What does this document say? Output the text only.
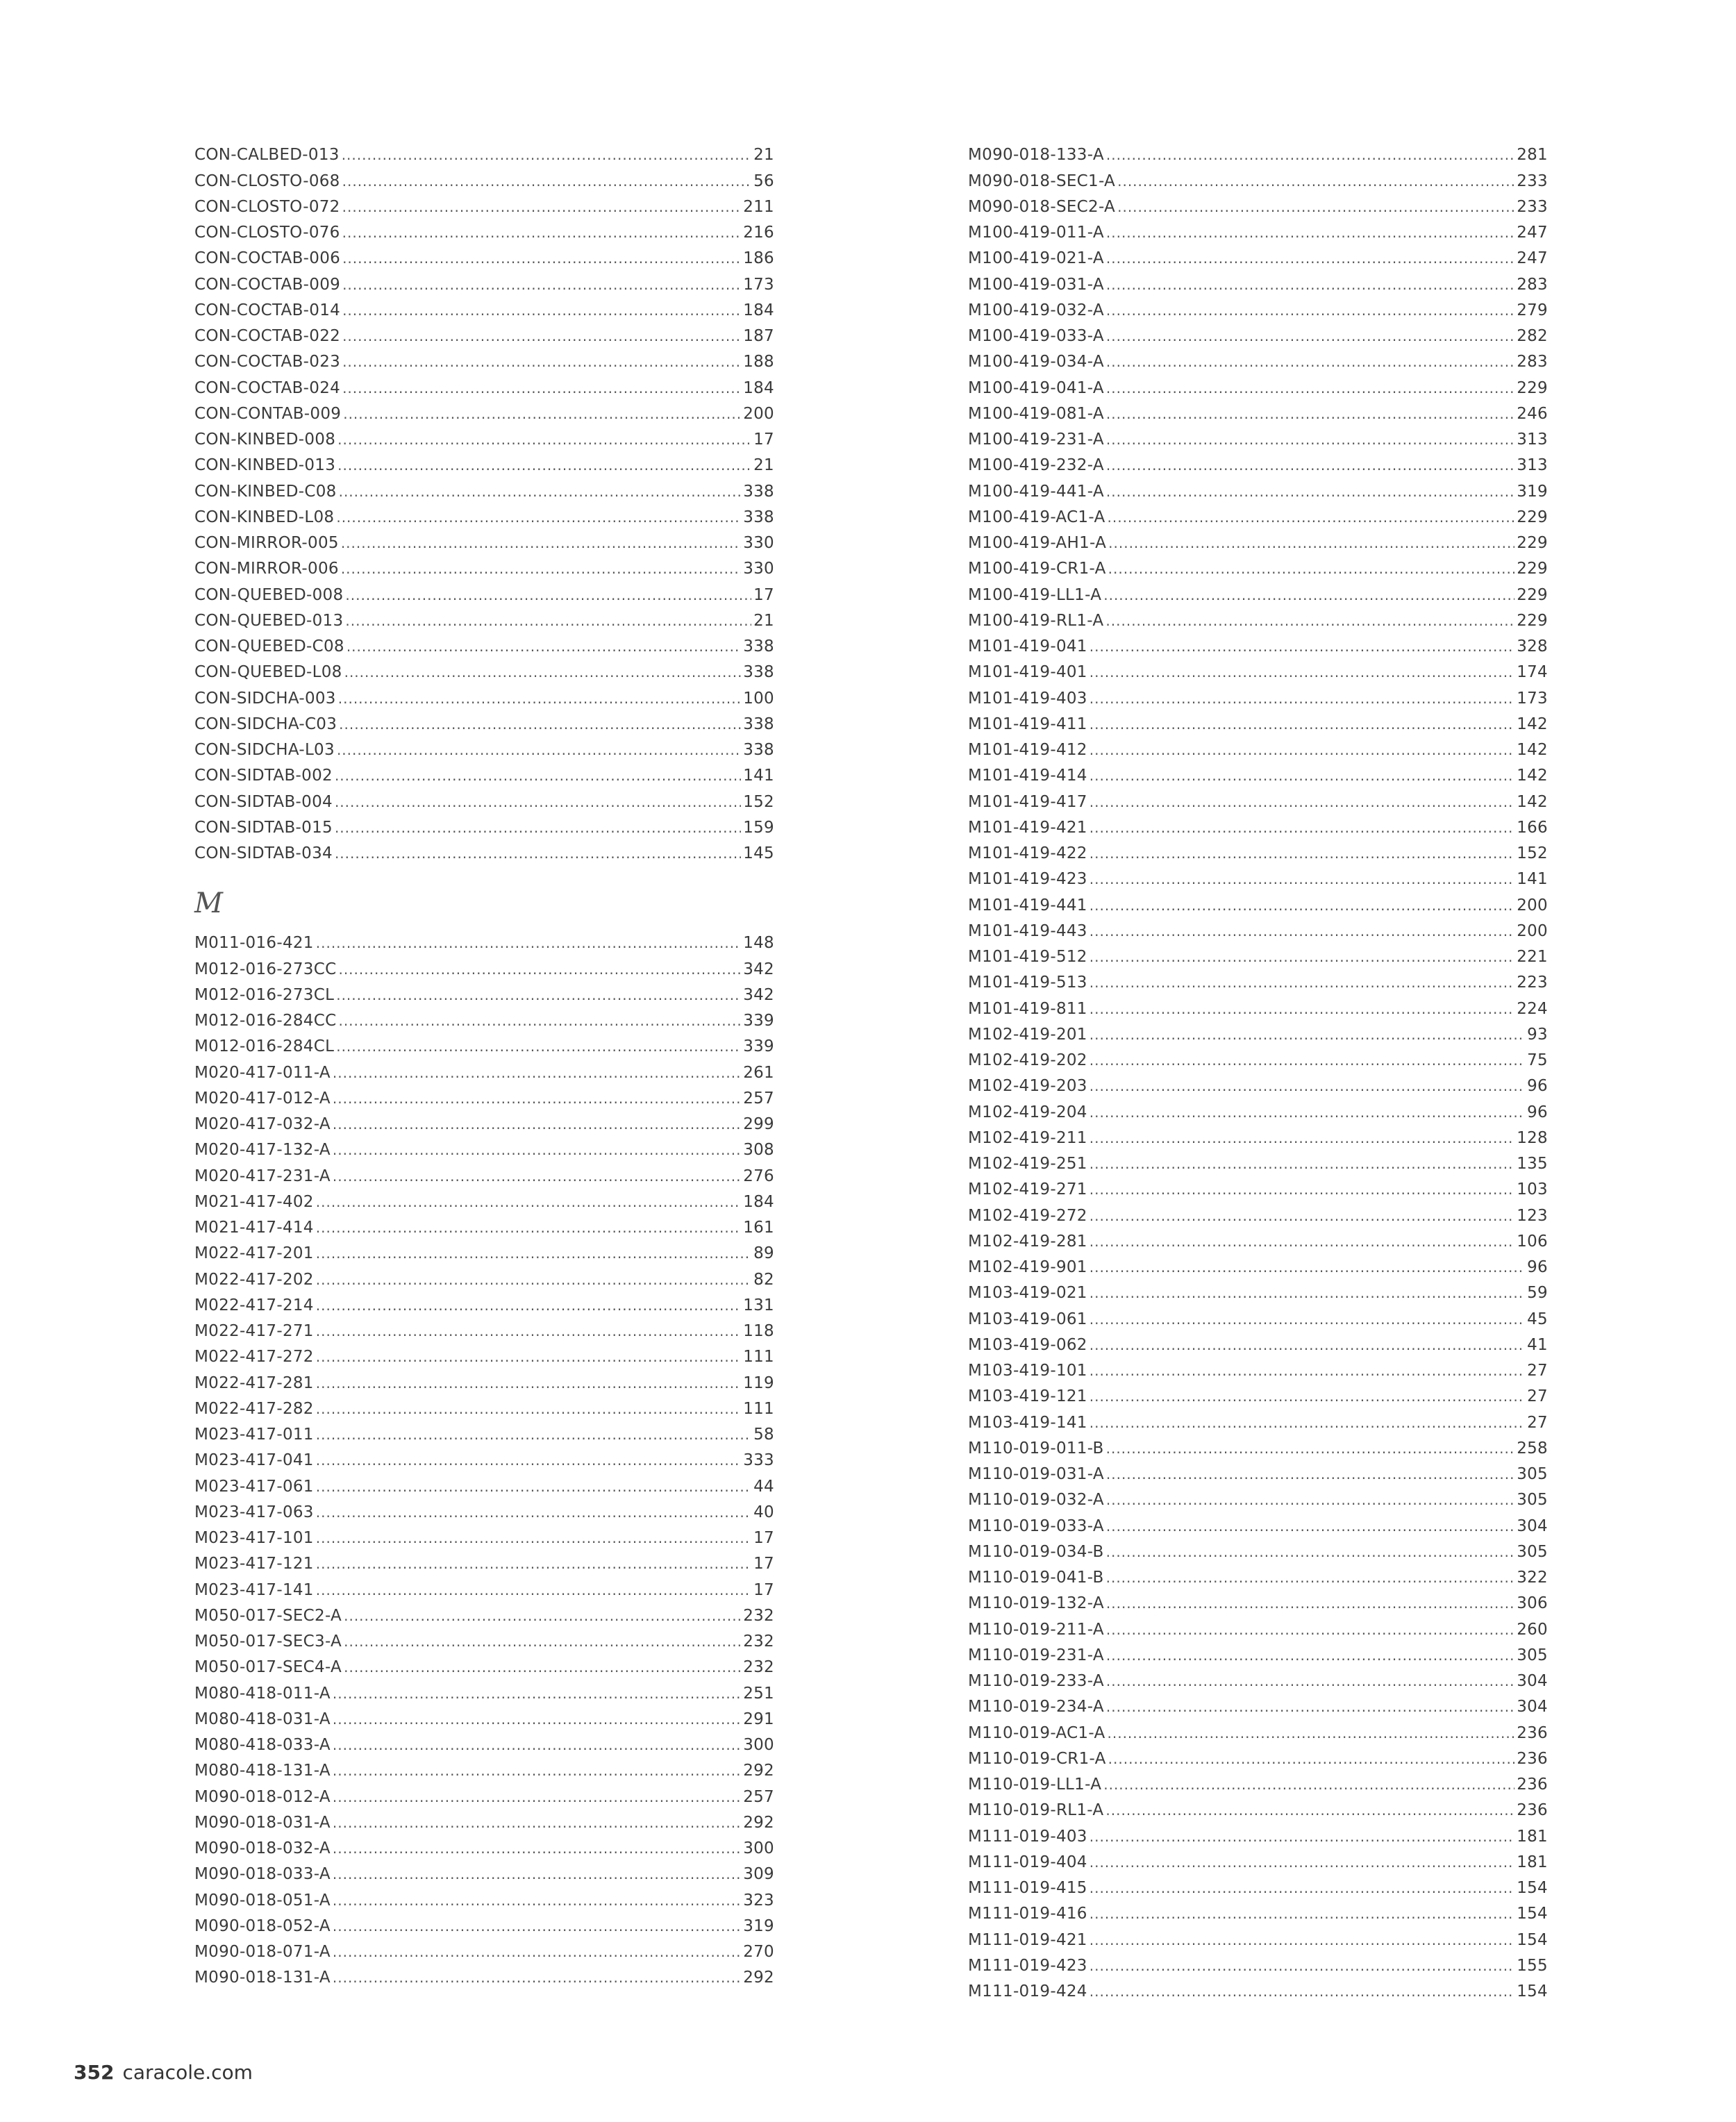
CON-CALBED-013 .....	21
CON-CLOSTO-068 .....	56
CON-CLOSTO-072 .....	211
CON-CLOSTO-076 .....	216
CON-COCTAB-006 .....	186
CON-COCTAB-009 .....	173
CON-COCTAB-014 .....	184
CON-COCTAB-022 .....	187
CON-COCTAB-023 .....	188
CON-COCTAB-024 .....	184
CON-CONTAB-009 .....	200
CON-KINBED-008 .....	17
CON-KINBED-013 .....	21
CON-KINBED-C08 .....	338
CON-KINBED-L08 .....	338
CON-MIRROR-005 .....	330
CON-MIRROR-006 .....	330
CON-QUEBED-008 .....	17
CON-QUEBED-013 .....	21
CON-QUEBED-C08 .....	338
CON-QUEBED-L08 .....	338
CON-SIDCHA-003 .....	100
CON-SIDCHA-C03 .....	338
CON-SIDCHA-L03 .....	338
CON-SIDTAB-002 .....	141
CON-SIDTAB-004 .....	152
CON-SIDTAB-015 .....	159
CON-SIDTAB-034 .....	145
M
M011-016-421 .....	148
M012-016-273CC .....	342
M012-016-273CL .....	342
M012-016-284CC .....	339
M012-016-284CL .....	339
M020-417-011-A .....	261
M020-417-012-A .....	257
M020-417-032-A .....	299
M020-417-132-A .....	308
M020-417-231-A .....	276
M021-417-402 .....	184
M021-417-414 .....	161
M022-417-201 .....	89
M022-417-202 .....	82
M022-417-214 .....	131
M022-417-271 .....	118
M022-417-272 .....	111
M022-417-281 .....	119
M022-417-282 .....	111
M023-417-011 .....	58
M023-417-041 .....	333
M023-417-061 .....	44
M023-417-063 .....	40
M023-417-101 .....	17
M023-417-121 .....	17
M023-417-141 .....	17
M050-017-SEC2-A .....	232
M050-017-SEC3-A .....	232
M050-017-SEC4-A .....	232
M080-418-011-A .....	251
M080-418-031-A .....	291
M080-418-033-A .....	300
M080-418-131-A .....	292
M090-018-012-A .....	257
M090-018-031-A .....	292
M090-018-032-A .....	300
M090-018-033-A .....	309
M090-018-051-A .....	323
M090-018-052-A .....	319
M090-018-071-A .....	270
M090-018-131-A .....	292
M090-018-133-A .....	281
M090-018-SEC1-A .....	233
M090-018-SEC2-A .....	233
M100-419-011-A .....	247
M100-419-021-A .....	247
M100-419-031-A .....	283
M100-419-032-A .....	279
M100-419-033-A .....	282
M100-419-034-A .....	283
M100-419-041-A .....	229
M100-419-081-A .....	246
M100-419-231-A .....	313
M100-419-232-A .....	313
M100-419-441-A .....	319
M100-419-AC1-A .....	229
M100-419-AH1-A .....	229
M100-419-CR1-A .....	229
M100-419-LL1-A .....	229
M100-419-RL1-A .....	229
M101-419-041 .....	328
M101-419-401 .....	174
M101-419-403 .....	173
M101-419-411 .....	142
M101-419-412 .....	142
M101-419-414 .....	142
M101-419-417 .....	142
M101-419-421 .....	166
M101-419-422 .....	152
M101-419-423 .....	141
M101-419-441 .....	200
M101-419-443 .....	200
M101-419-512 .....	221
M101-419-513 .....	223
M101-419-811 .....	224
M102-419-201 .....	93
M102-419-202 .....	75
M102-419-203 .....	96
M102-419-204 .....	96
M102-419-211 .....	128
M102-419-251 .....	135
M102-419-271 .....	103
M102-419-272 .....	123
M102-419-281 .....	106
M102-419-901 .....	96
M103-419-021 .....	59
M103-419-061 .....	45
M103-419-062 .....	41
M103-419-101 .....	27
M103-419-121 .....	27
M103-419-141 .....	27
M110-019-011-B .....	258
M110-019-031-A .....	305
M110-019-032-A .....	305
M110-019-033-A .....	304
M110-019-034-B .....	305
M110-019-041-B .....	322
M110-019-132-A .....	306
M110-019-211-A .....	260
M110-019-231-A .....	305
M110-019-233-A .....	304
M110-019-234-A .....	304
M110-019-AC1-A .....	236
M110-019-CR1-A .....	236
M110-019-LL1-A .....	236
M110-019-RL1-A .....	236
M111-019-403 .....	181
M111-019-404 .....	181
M111-019-415 .....	154
M111-019-416 .....	154
M111-019-421 .....	154
M111-019-423 .....	155
M111-019-424 .....	154
352 caracole.com
